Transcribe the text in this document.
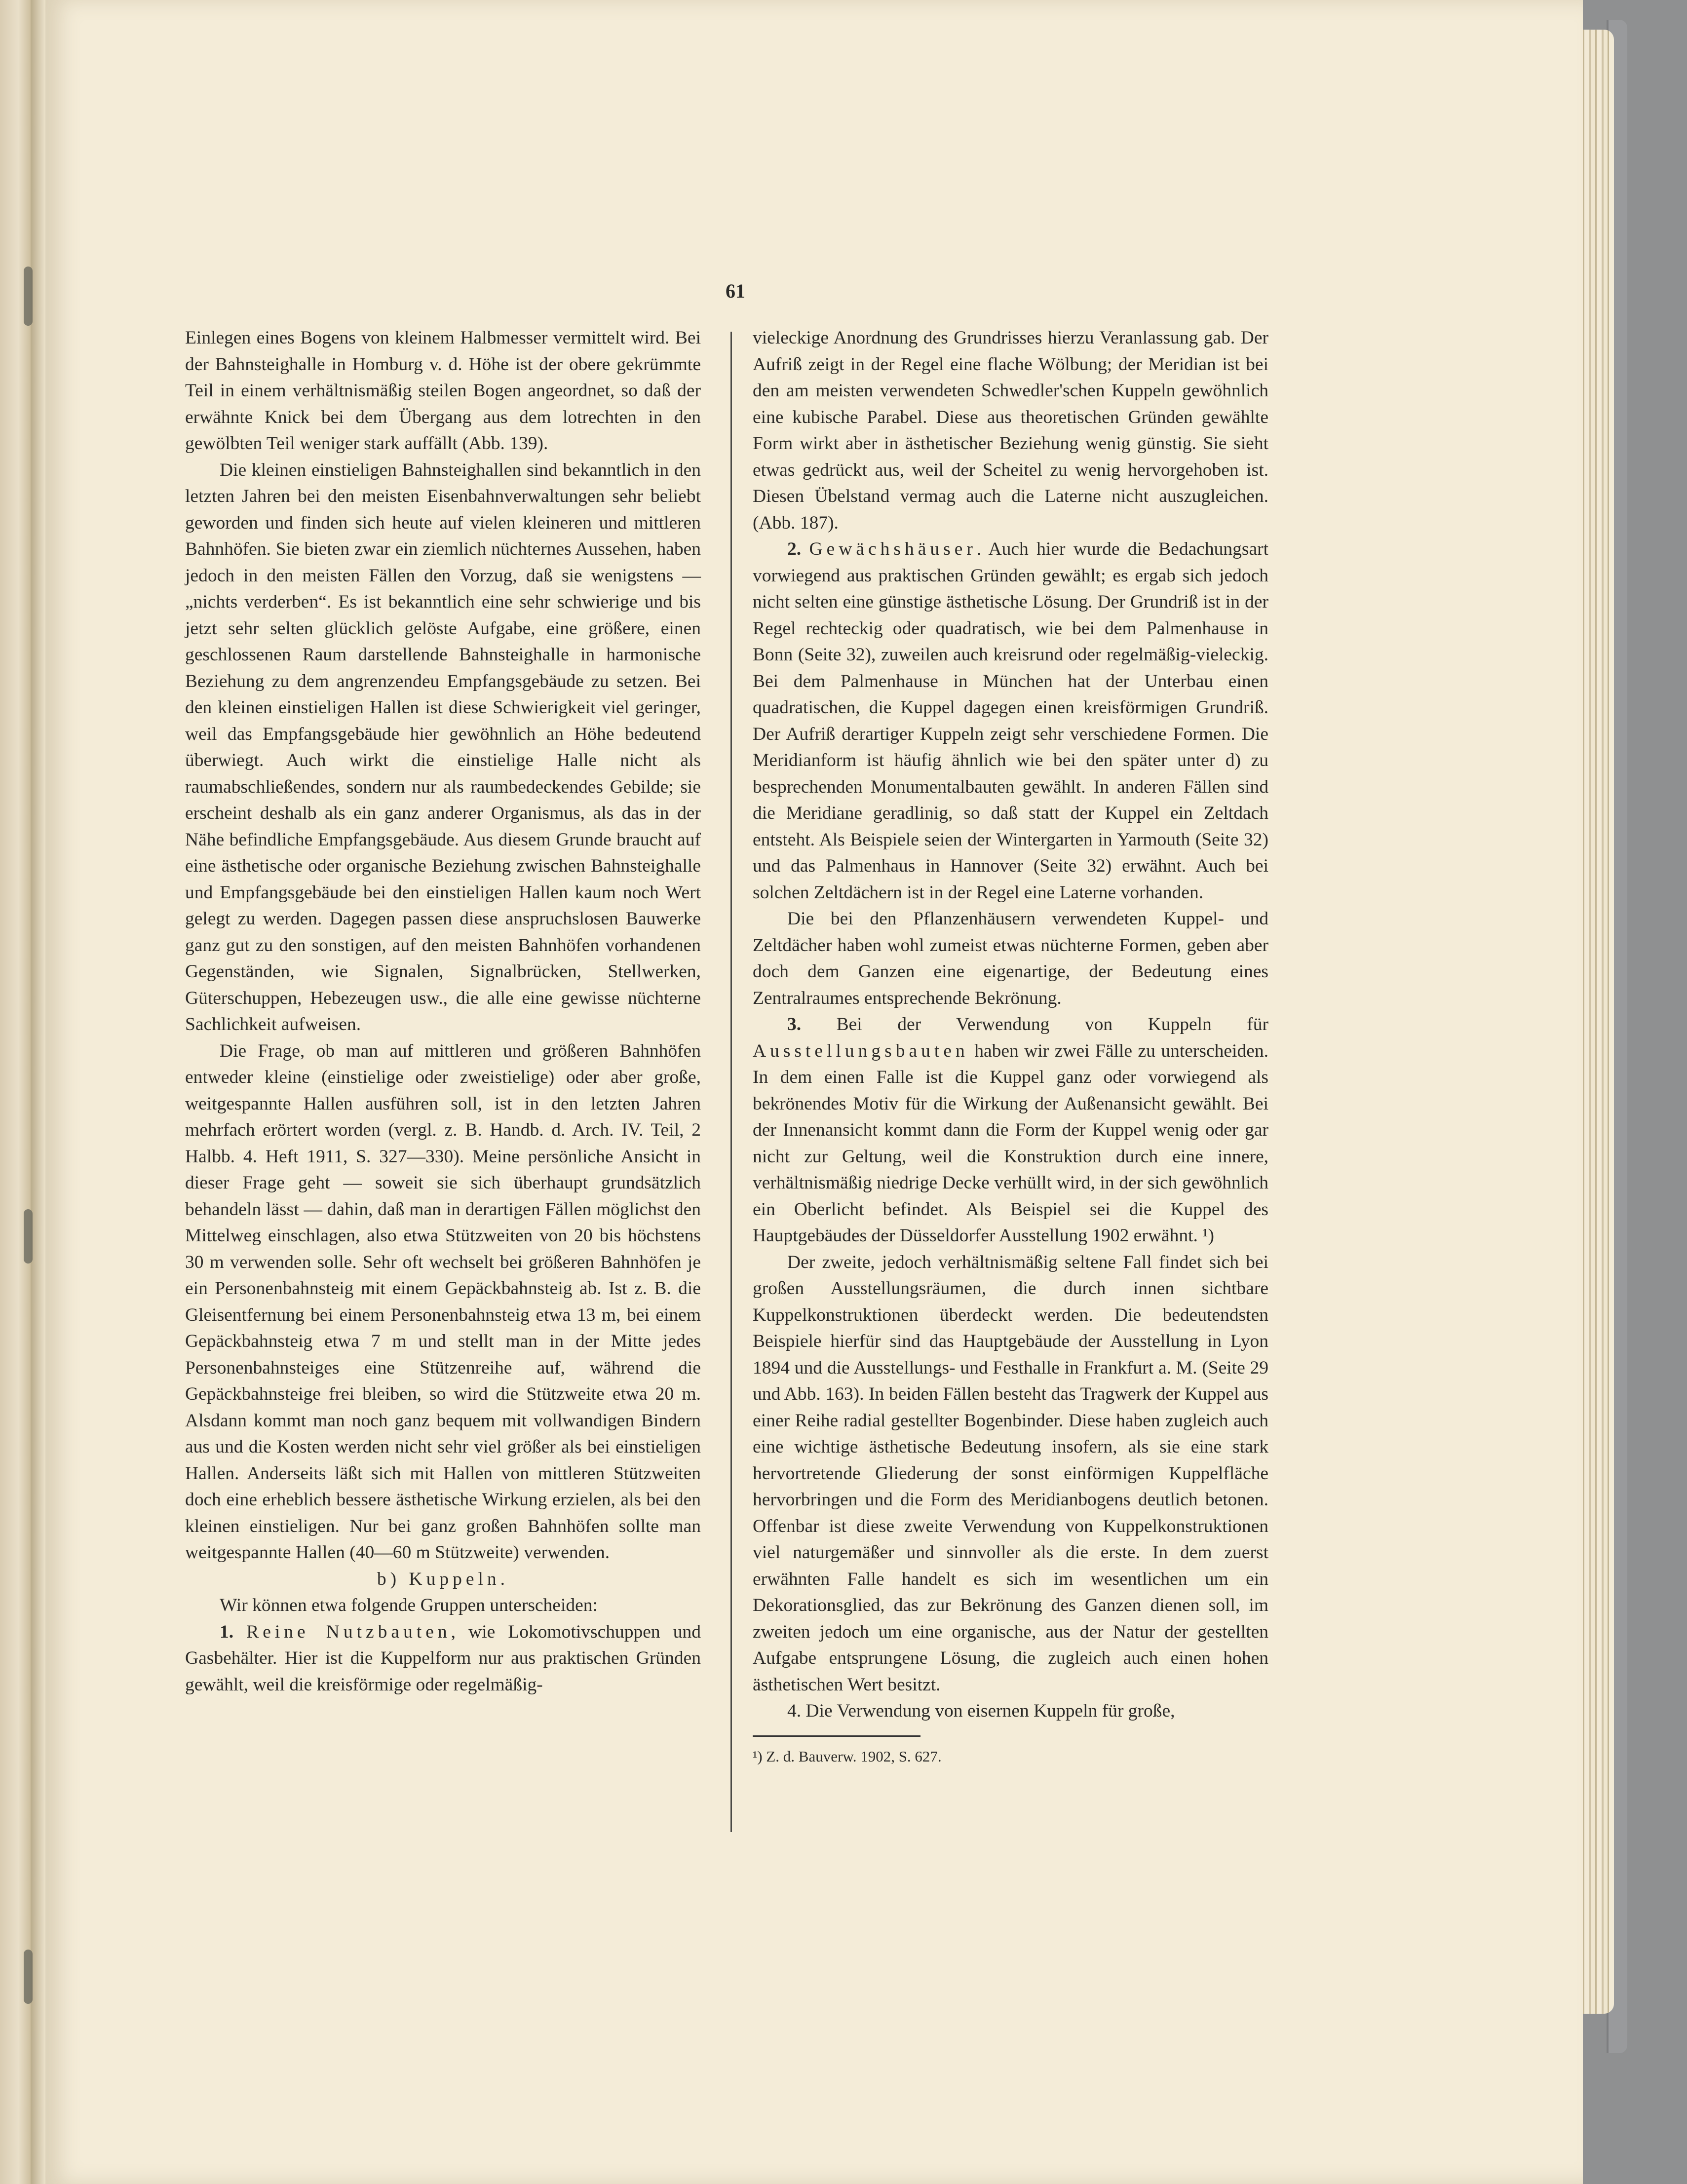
61

Einlegen eines Bogens von kleinem Halbmesser vermittelt wird. Bei der Bahnsteighalle in Homburg v. d. Höhe ist der obere gekrümmte Teil in einem verhältnismäßig steilen Bogen angeordnet, so daß der erwähnte Knick bei dem Übergang aus dem lotrechten in den gewölbten Teil weniger stark auffällt (Abb. 139).

Die kleinen einstieligen Bahnsteighallen sind bekanntlich in den letzten Jahren bei den meisten Eisenbahnverwaltungen sehr beliebt geworden und finden sich heute auf vielen kleineren und mittleren Bahnhöfen. Sie bieten zwar ein ziemlich nüchternes Aussehen, haben jedoch in den meisten Fällen den Vorzug, daß sie wenigstens — „nichts verderben“. Es ist bekanntlich eine sehr schwierige und bis jetzt sehr selten glücklich gelöste Aufgabe, eine größere, einen geschlossenen Raum darstellende Bahnsteighalle in harmonische Beziehung zu dem angrenzendeu Empfangsgebäude zu setzen. Bei den kleinen einstieligen Hallen ist diese Schwierigkeit viel geringer, weil das Empfangsgebäude hier gewöhnlich an Höhe bedeutend überwiegt. Auch wirkt die einstielige Halle nicht als raumabschließendes, sondern nur als raumbedeckendes Gebilde; sie erscheint deshalb als ein ganz anderer Organismus, als das in der Nähe befindliche Empfangsgebäude. Aus diesem Grunde braucht auf eine ästhetische oder organische Beziehung zwischen Bahnsteighalle und Empfangsgebäude bei den einstieligen Hallen kaum noch Wert gelegt zu werden. Dagegen passen diese anspruchslosen Bauwerke ganz gut zu den sonstigen, auf den meisten Bahnhöfen vorhandenen Gegenständen, wie Signalen, Signalbrücken, Stellwerken, Güterschuppen, Hebezeugen usw., die alle eine gewisse nüchterne Sachlichkeit aufweisen.

Die Frage, ob man auf mittleren und größeren Bahnhöfen entweder kleine (einstielige oder zweistielige) oder aber große, weitgespannte Hallen ausführen soll, ist in den letzten Jahren mehrfach erörtert worden (vergl. z. B. Handb. d. Arch. IV. Teil, 2 Halbb. 4. Heft 1911, S. 327—330). Meine persönliche Ansicht in dieser Frage geht — soweit sie sich überhaupt grundsätzlich behandeln lässt — dahin, daß man in derartigen Fällen möglichst den Mittelweg einschlagen, also etwa Stützweiten von 20 bis höchstens 30 m verwenden solle. Sehr oft wechselt bei größeren Bahnhöfen je ein Personenbahnsteig mit einem Gepäckbahnsteig ab. Ist z. B. die Gleisentfernung bei einem Personenbahnsteig etwa 13 m, bei einem Gepäckbahnsteig etwa 7 m und stellt man in der Mitte jedes Personenbahnsteiges eine Stützenreihe auf, während die Gepäckbahnsteige frei bleiben, so wird die Stützweite etwa 20 m. Alsdann kommt man noch ganz bequem mit vollwandigen Bindern aus und die Kosten werden nicht sehr viel größer als bei einstieligen Hallen. Anderseits läßt sich mit Hallen von mittleren Stützweiten doch eine erheblich bessere ästhetische Wirkung erzielen, als bei den kleinen einstieligen. Nur bei ganz großen Bahnhöfen sollte man weitgespannte Hallen (40—60 m Stützweite) verwenden.

b) Kuppeln.

Wir können etwa folgende Gruppen unterscheiden:

1. Reine Nutzbauten, wie Lokomotivschuppen und Gasbehälter. Hier ist die Kuppelform nur aus praktischen Gründen gewählt, weil die kreisförmige oder regelmäßig-

vieleckige Anordnung des Grundrisses hierzu Veranlassung gab. Der Aufriß zeigt in der Regel eine flache Wölbung; der Meridian ist bei den am meisten verwendeten Schwedler'schen Kuppeln gewöhnlich eine kubische Parabel. Diese aus theoretischen Gründen gewählte Form wirkt aber in ästhetischer Beziehung wenig günstig. Sie sieht etwas gedrückt aus, weil der Scheitel zu wenig hervorgehoben ist. Diesen Übelstand vermag auch die Laterne nicht auszugleichen. (Abb. 187).

2. Gewächshäuser. Auch hier wurde die Bedachungsart vorwiegend aus praktischen Gründen gewählt; es ergab sich jedoch nicht selten eine günstige ästhetische Lösung. Der Grundriß ist in der Regel rechteckig oder quadratisch, wie bei dem Palmenhause in Bonn (Seite 32), zuweilen auch kreisrund oder regelmäßig-vieleckig. Bei dem Palmenhause in München hat der Unterbau einen quadratischen, die Kuppel dagegen einen kreisförmigen Grundriß. Der Aufriß derartiger Kuppeln zeigt sehr verschiedene Formen. Die Meridianform ist häufig ähnlich wie bei den später unter d) zu besprechenden Monumentalbauten gewählt. In anderen Fällen sind die Meridiane geradlinig, so daß statt der Kuppel ein Zeltdach entsteht. Als Beispiele seien der Wintergarten in Yarmouth (Seite 32) und das Palmenhaus in Hannover (Seite 32) erwähnt. Auch bei solchen Zeltdächern ist in der Regel eine Laterne vorhanden.

Die bei den Pflanzenhäusern verwendeten Kuppel- und Zeltdächer haben wohl zumeist etwas nüchterne Formen, geben aber doch dem Ganzen eine eigenartige, der Bedeutung eines Zentralraumes entsprechende Bekrönung.

3. Bei der Verwendung von Kuppeln für Ausstellungsbauten haben wir zwei Fälle zu unterscheiden. In dem einen Falle ist die Kuppel ganz oder vorwiegend als bekrönendes Motiv für die Wirkung der Außenansicht gewählt. Bei der Innenansicht kommt dann die Form der Kuppel wenig oder gar nicht zur Geltung, weil die Konstruktion durch eine innere, verhältnismäßig niedrige Decke verhüllt wird, in der sich gewöhnlich ein Oberlicht befindet. Als Beispiel sei die Kuppel des Hauptgebäudes der Düsseldorfer Ausstellung 1902 erwähnt. ¹)

Der zweite, jedoch verhältnismäßig seltene Fall findet sich bei großen Ausstellungsräumen, die durch innen sichtbare Kuppelkonstruktionen überdeckt werden. Die bedeutendsten Beispiele hierfür sind das Hauptgebäude der Ausstellung in Lyon 1894 und die Ausstellungs- und Festhalle in Frankfurt a. M. (Seite 29 und Abb. 163). In beiden Fällen besteht das Tragwerk der Kuppel aus einer Reihe radial gestellter Bogenbinder. Diese haben zugleich auch eine wichtige ästhetische Bedeutung insofern, als sie eine stark hervortretende Gliederung der sonst einförmigen Kuppelfläche hervorbringen und die Form des Meridianbogens deutlich betonen. Offenbar ist diese zweite Verwendung von Kuppelkonstruktionen viel naturgemäßer und sinnvoller als die erste. In dem zuerst erwähnten Falle handelt es sich im wesentlichen um ein Dekorationsglied, das zur Bekrönung des Ganzen dienen soll, im zweiten jedoch um eine organische, aus der Natur der gestellten Aufgabe entsprungene Lösung, die zugleich auch einen hohen ästhetischen Wert besitzt.

4. Die Verwendung von eisernen Kuppeln für große,

¹) Z. d. Bauverw. 1902, S. 627.
